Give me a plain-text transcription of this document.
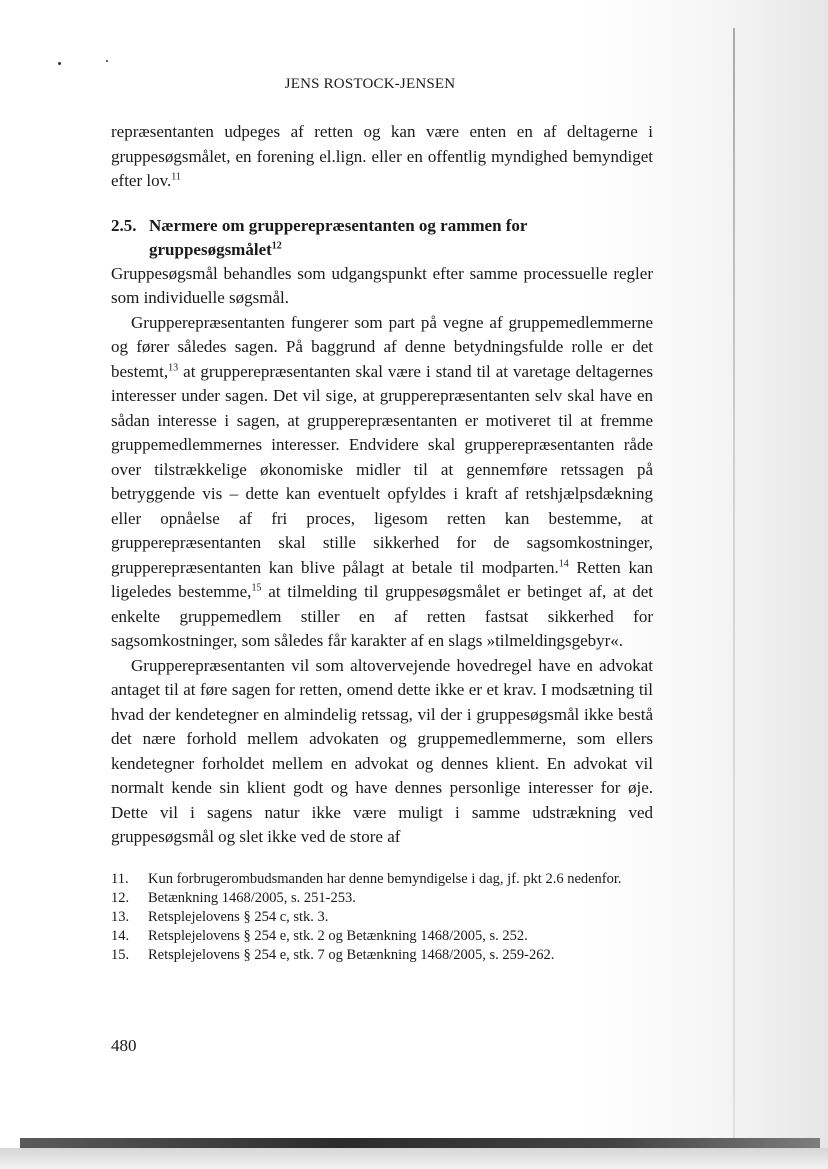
JENS ROSTOCK-JENSEN

repræsentanten udpeges af retten og kan være enten en af deltagerne i gruppesøgsmålet, en forening el.lign. eller en offentlig myndighed bemyndiget efter lov.$^{11}$

2.5. Nærmere om grupperepræsentanten og rammen for gruppesøgsmålet$^{12}$

Gruppesøgsmål behandles som udgangspunkt efter samme processuelle regler som individuelle søgsmål.

Grupperepræsentanten fungerer som part på vegne af gruppemedlemmerne og fører således sagen. På baggrund af denne betydningsfulde rolle er det bestemt,$^{13}$ at grupperepræsentanten skal være i stand til at varetage deltagernes interesser under sagen. Det vil sige, at grupperepræsentanten selv skal have en sådan interesse i sagen, at grupperepræsentanten er motiveret til at fremme gruppemedlemmernes interesser. Endvidere skal grupperepræsentanten råde over tilstrækkelige økonomiske midler til at gennemføre retssagen på betryggende vis – dette kan eventuelt opfyldes i kraft af retshjælpsdækning eller opnåelse af fri proces, ligesom retten kan bestemme, at grupperepræsentanten skal stille sikkerhed for de sagsomkostninger, grupperepræsentanten kan blive pålagt at betale til modparten.$^{14}$ Retten kan ligeledes bestemme,$^{15}$ at tilmelding til gruppesøgsmålet er betinget af, at det enkelte gruppemedlem stiller en af retten fastsat sikkerhed for sagsomkostninger, som således får karakter af en slags »tilmeldingsgebyr«.

Grupperepræsentanten vil som altovervejende hovedregel have en advokat antaget til at føre sagen for retten, omend dette ikke er et krav. I modsætning til hvad der kendetegner en almindelig retssag, vil der i gruppesøgsmål ikke bestå det nære forhold mellem advokaten og gruppemedlemmerne, som ellers kendetegner forholdet mellem en advokat og dennes klient. En advokat vil normalt kende sin klient godt og have dennes personlige interesser for øje. Dette vil i sagens natur ikke være muligt i samme udstrækning ved gruppesøgsmål og slet ikke ved de store af

11.	Kun forbrugerombudsmanden har denne bemyndigelse i dag, jf. pkt 2.6 nedenfor.
12.	Betænkning 1468/2005, s. 251-253.
13.	Retsplejelovens § 254 c, stk. 3.
14.	Retsplejelovens § 254 e, stk. 2 og Betænkning 1468/2005, s. 252.
15.	Retsplejelovens § 254 e, stk. 7 og Betænkning 1468/2005, s. 259-262.
480
